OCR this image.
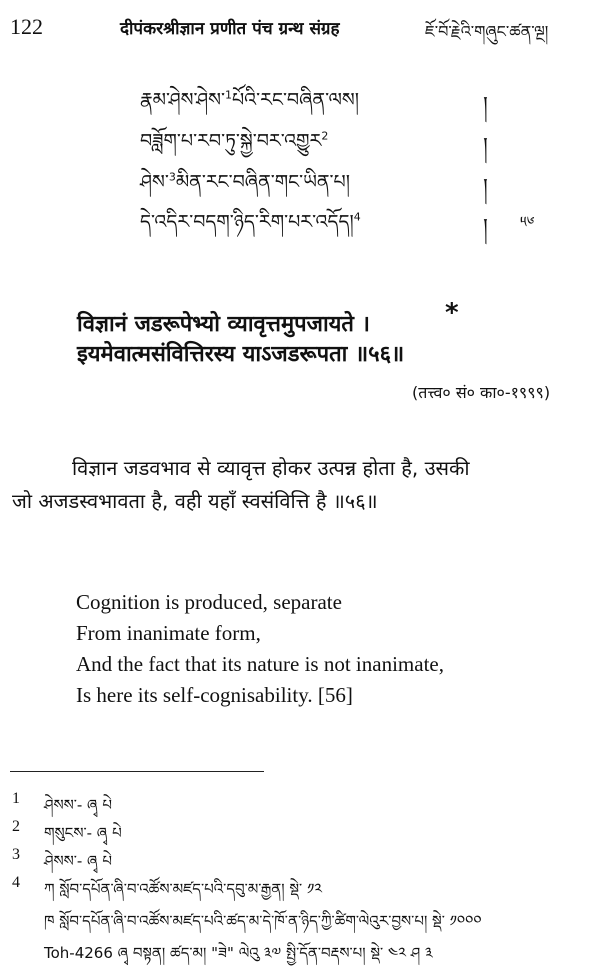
122	दीपंकरश्रीज्ञान प्रणीत पंच ग्रन्थ संग्रह	ཇོ་བོ་རྗེའི་གཞུང་ཚན་ལྔ།
རྣམ་ཤེས་ཤེས་$^1$པོའི་རང་བཞིན་ལས།	།
བཟློག་པ་རབ་ཏུ་སྐྱེ་བར་འགྱུར$^2$	།
ཤེས་$^3$མིན་རང་བཞིན་གང་ཡིན་པ།	།
དེ་འདིར་བདག་ཉིད་རིག་པར་འདོད།$^4$	། ༥༦
विज्ञानं जडरूपेभ्यो व्यावृत्तमुपजायते ।	*
इयमेवात्मसंवित्तिरस्य याऽजडरूपता ॥५६॥
(तत्त्व० सं० का०-१९९९)
विज्ञान जडवभाव से व्यावृत्त होकर उत्पन्न होता है, उसकी
जो अजडस्वभावता है, वही यहाँ स्वसंवित्ति है ॥५६॥
Cognition is produced, separate
From inanimate form,
And the fact that its nature is not inanimate,
Is here its self-cognisability. [56]
1 ཤེསས་- ཞྭ པེ
2 གསུངས་- ཞྭ པེ
3 ཤེསས་- ཞྭ པེ
4 ཀ སློབ་དཔོན་ཞི་བ་འཚོས་མཛད་པའི་དབུ་མ་རྒྱན། སྡེ་ ༡༢
ཁ སློབ་དཔོན་ཞི་བ་འཚོས་མཛད་པའི་ཚད་མ་དེ་ཁོ་ན་ཉིད་ཀྱི་ཚིག་ལེའུར་བྱས་པ། སྡེ་ ༡༠༠༠
Toh-4266 ཞྭ བསྟན། ཚད་མ། "ཟེ" ལེའུ ༣༧ སྤྱི་དོན་བརྡས་པ། སྡེ་ ༤༢ ཤ ༣
